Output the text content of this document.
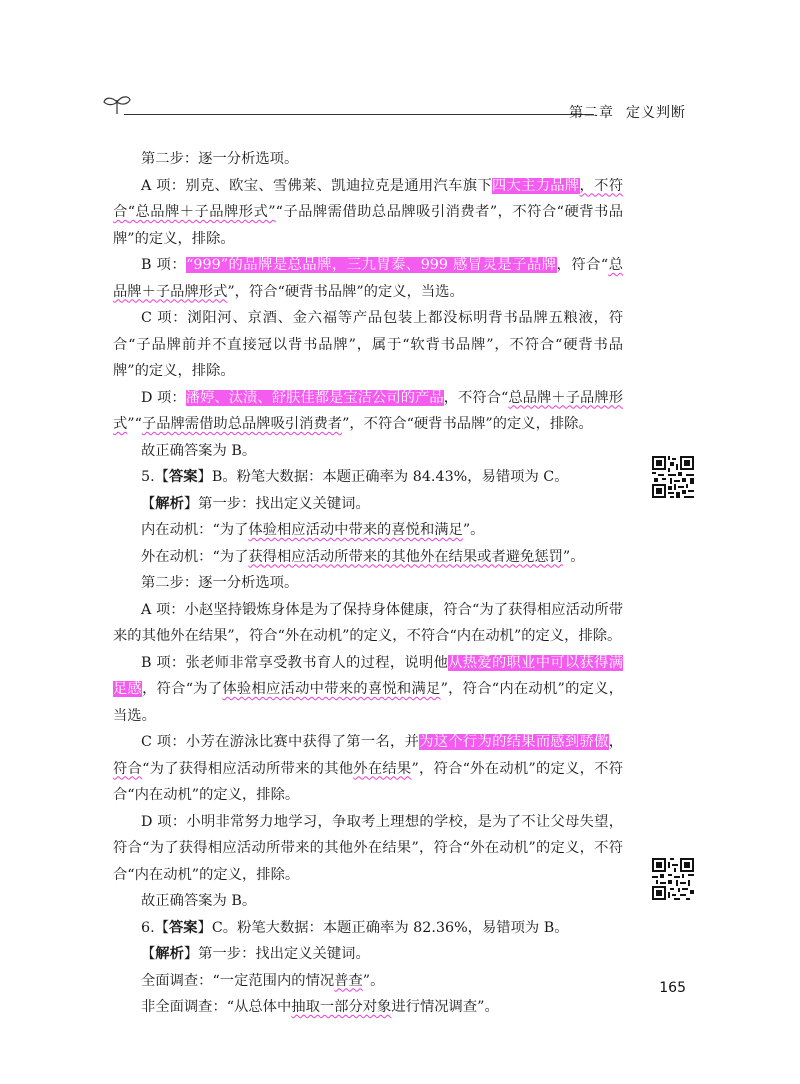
第二章 定义判断

第二步：逐一分析选项。

A 项：别克、欧宝、雪佛莱、凯迪拉克是通用汽车旗下四大主力品牌，不符合“总品牌＋子品牌形式”“子品牌需借助总品牌吸引消费者”，不符合“硬背书品牌”的定义，排除。

B 项：“999”的品牌是总品牌，三九胃泰、999 感冒灵是子品牌，符合“总品牌＋子品牌形式”，符合“硬背书品牌”的定义，当选。

C 项：浏阳河、京酒、金六福等产品包装上都没标明背书品牌五粮液，符合“子品牌前并不直接冠以背书品牌”，属于“软背书品牌”，不符合“硬背书品牌”的定义，排除。

D 项：潘婷、汰渍、舒肤佳都是宝洁公司的产品，不符合“总品牌＋子品牌形式”“子品牌需借助总品牌吸引消费者”，不符合“硬背书品牌”的定义，排除。

故正确答案为 B。

5.【答案】B。粉笔大数据：本题正确率为 84.43%，易错项为 C。

【解析】第一步：找出定义关键词。

内在动机：“为了体验相应活动中带来的喜悦和满足”。

外在动机：“为了获得相应活动所带来的其他外在结果或者避免惩罚”。

第二步：逐一分析选项。

A 项：小赵坚持锻炼身体是为了保持身体健康，符合“为了获得相应活动所带来的其他外在结果”，符合“外在动机”的定义，不符合“内在动机”的定义，排除。

B 项：张老师非常享受教书育人的过程，说明他从热爱的职业中可以获得满足感，符合“为了体验相应活动中带来的喜悦和满足”，符合“内在动机”的定义，当选。

C 项：小芳在游泳比赛中获得了第一名，并为这个行为的结果而感到骄傲，符合“为了获得相应活动所带来的其他外在结果”，符合“外在动机”的定义，不符合“内在动机”的定义，排除。

D 项：小明非常努力地学习，争取考上理想的学校，是为了不让父母失望，符合“为了获得相应活动所带来的其他外在结果”，符合“外在动机”的定义，不符合“内在动机”的定义，排除。

故正确答案为 B。

6.【答案】C。粉笔大数据：本题正确率为 82.36%，易错项为 B。

【解析】第一步：找出定义关键词。

全面调查：“一定范围内的情况普查”。

非全面调查：“从总体中抽取一部分对象进行情况调查”。

165
